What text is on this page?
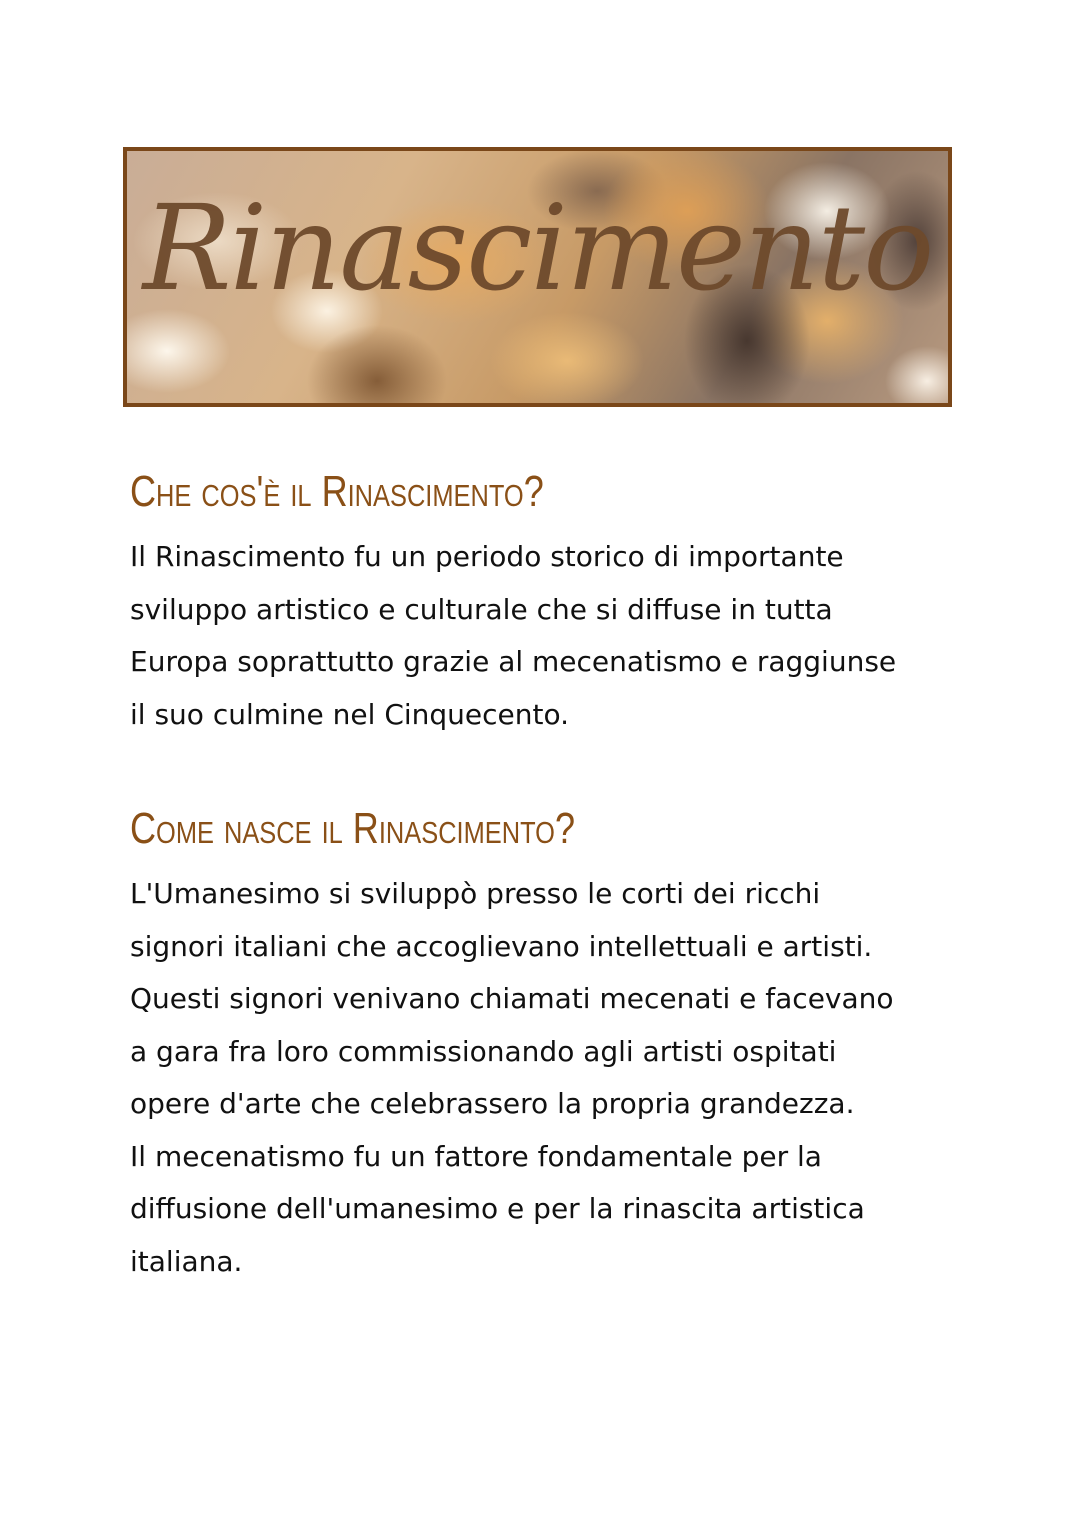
Rinascimento
Che cos'è il Rinascimento?

Il Rinascimento fu un periodo storico di importante
sviluppo artistico e culturale che si diffuse in tutta
Europa soprattutto grazie al mecenatismo e raggiunse
il suo culmine nel Cinquecento.

Come nasce il Rinascimento?

L'Umanesimo si sviluppò presso le corti dei ricchi
signori italiani che accoglievano intellettuali e artisti.
Questi signori venivano chiamati mecenati e facevano
a gara fra loro commissionando agli artisti ospitati
opere d'arte che celebrassero la propria grandezza.
Il mecenatismo fu un fattore fondamentale per la
diffusione dell'umanesimo e per la rinascita artistica
italiana.
